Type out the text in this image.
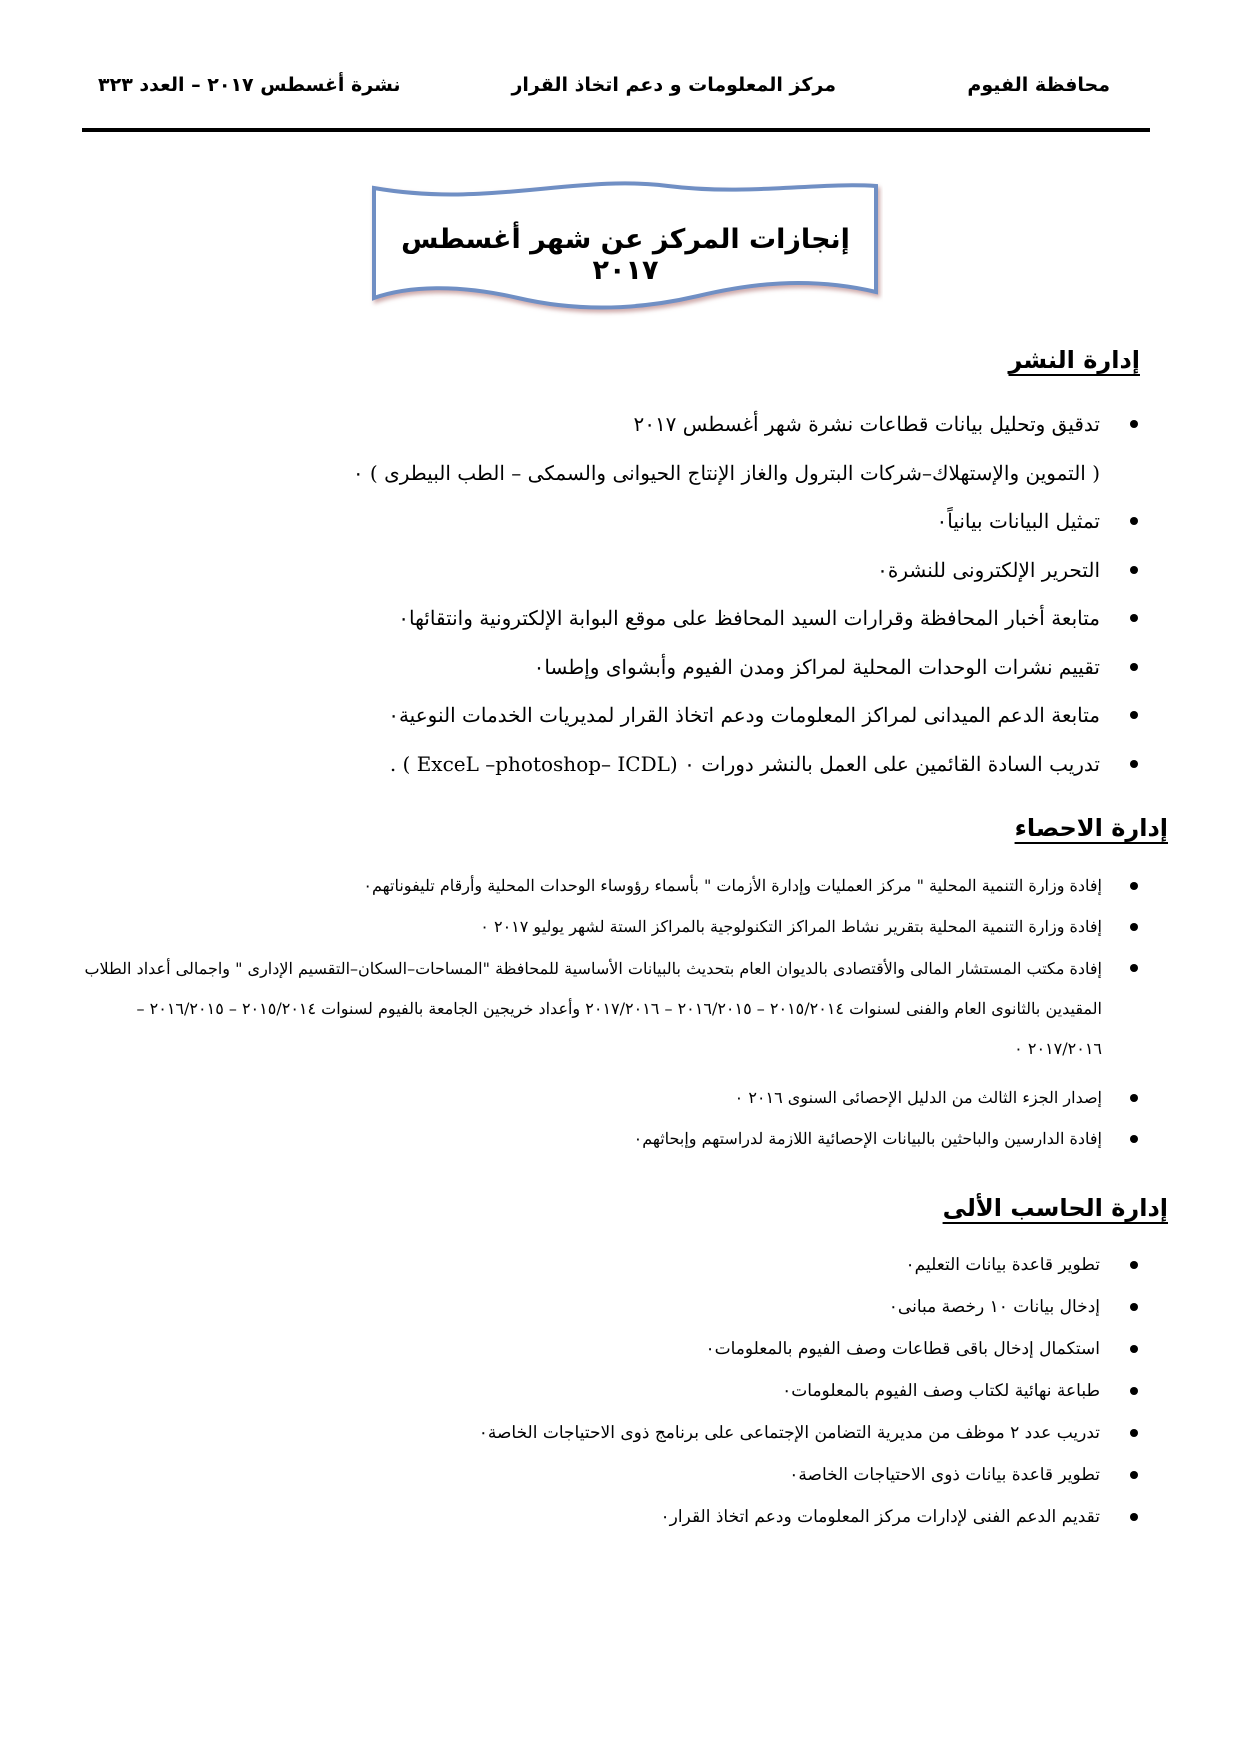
محافظة الفيوم
مركز المعلومات و دعم اتخاذ القرار
نشرة أغسطس ٢٠١٧ – العدد ٣٢٣
إنجازات المركز عن شهر أغسطس ٢٠١٧
إدارة النشر
تدقيق وتحليل بيانات قطاعات نشرة شهر أغسطس ٢٠١٧
( التموين والإستهلاك–شركات البترول والغاز الإنتاج الحيوانى والسمكى – الطب البيطرى ) ٠
تمثيل البيانات بيانياً٠
التحرير الإلكترونى للنشرة٠
متابعة أخبار المحافظة وقرارات السيد المحافظ على موقع البوابة الإلكترونية وانتقائها٠
تقييم نشرات الوحدات المحلية لمراكز ومدن الفيوم وأبشواى وإطسا٠
متابعة الدعم الميدانى لمراكز المعلومات ودعم اتخاذ القرار لمديريات الخدمات النوعية٠
تدريب السادة القائمين على العمل بالنشر دورات ٠ (ExceL –photoshop– ICDL ) .
إدارة الاحصاء
إفادة وزارة التنمية المحلية " مركز العمليات وإدارة الأزمات " بأسماء رؤوساء الوحدات المحلية وأرقام تليفوناتهم٠
إفادة وزارة التنمية المحلية بتقرير نشاط المراكز التكنولوجية بالمراكز الستة لشهر يوليو ٢٠١٧ ٠
إفادة مكتب المستشار المالى والأقتصادى بالديوان العام بتحديث بالبيانات الأساسية للمحافظة "المساحات–السكان–التقسيم الإدارى " واجمالى أعداد الطلاب المقيدين بالثانوى العام والفنى لسنوات ٢٠١٥/٢٠١٤ – ٢٠١٦/٢٠١٥ – ٢٠١٧/٢٠١٦ وأعداد خريجين الجامعة بالفيوم لسنوات ٢٠١٥/٢٠١٤ – ٢٠١٦/٢٠١٥ – ٢٠١٧/٢٠١٦ ٠
إصدار الجزء الثالث من الدليل الإحصائى السنوى ٢٠١٦ ٠
إفادة الدارسين والباحثين بالبيانات الإحصائية اللازمة لدراستهم وإبحاثهم٠
إدارة الحاسب الألى
تطوير قاعدة بيانات التعليم٠
إدخال بيانات ١٠ رخصة مبانى٠
استكمال إدخال باقى قطاعات وصف الفيوم بالمعلومات٠
طباعة نهائية لكتاب وصف الفيوم بالمعلومات٠
تدريب عدد ٢ موظف من مديرية التضامن الإجتماعى على برنامج ذوى الاحتياجات الخاصة٠
تطوير قاعدة بيانات ذوى الاحتياجات الخاصة٠
تقديم الدعم الفنى لإدارات مركز المعلومات ودعم اتخاذ القرار٠
